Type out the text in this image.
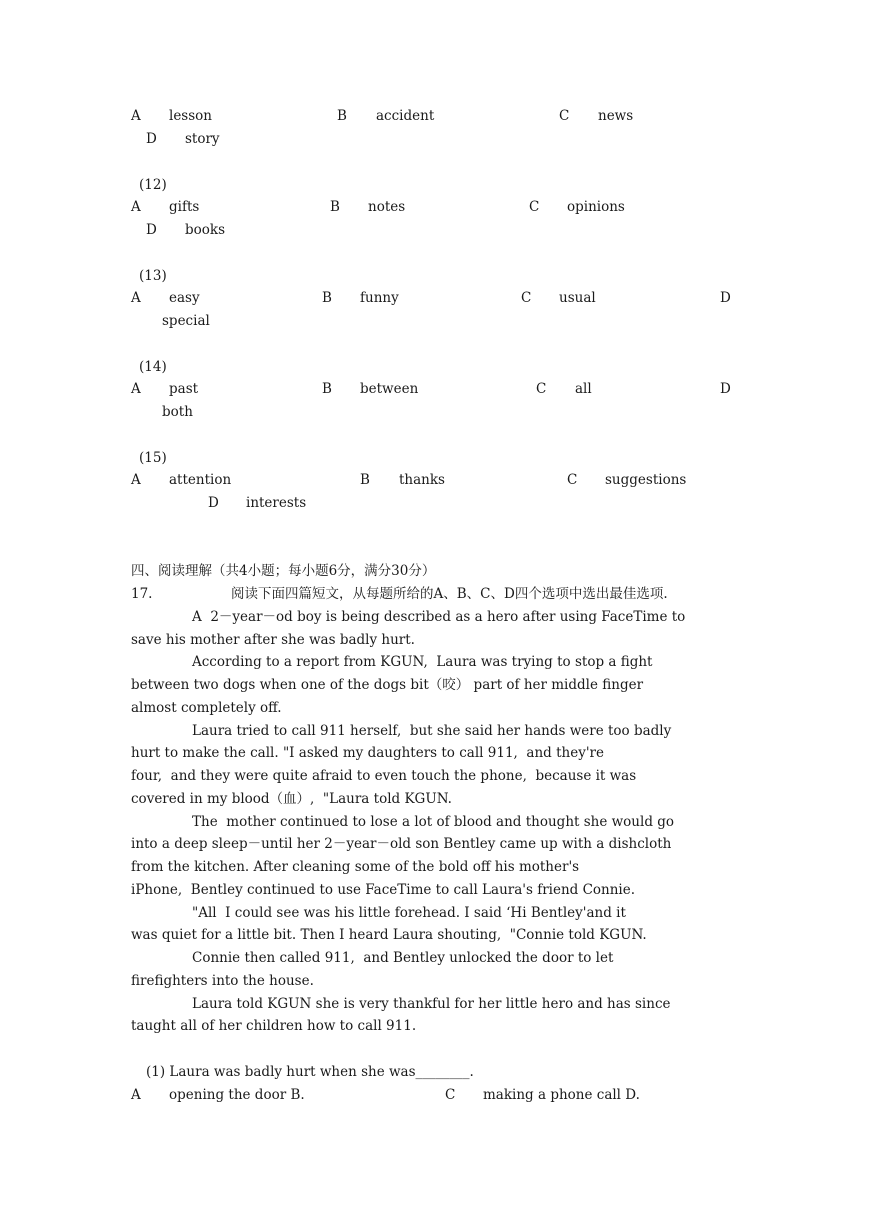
A lesson	B accident	C news
D story
(12)
A gifts	B notes	C opinions
D books
(13)
A easy	B funny	C usual	D
special
(14)
A past	B between	C all	D
both
(15)
A attention	B thanks	C suggestions
D interests
四、阅读理解（共4小题；每小题6分，满分30分）
17.	阅读下面四篇短文，从每题所给的A、B、C、D四个选项中选出最佳选项.
A  2－year－od boy is being described as a hero after using FaceTime to
save his mother after she was badly hurt.
According to a report from KGUN,  Laura was trying to stop a fight
between two dogs when one of the dogs bit（咬） part of her middle finger
almost completely off.
Laura tried to call 911 herself,  but she said her hands were too badly
hurt to make the call. "I asked my daughters to call 911,  and they're
four,  and they were quite afraid to even touch the phone,  because it was
covered in my blood（血）,  "Laura told KGUN.
The  mother continued to lose a lot of blood and thought she would go
into a deep sleep－until her 2－year－old son Bentley came up with a dishcloth
from the kitchen. After cleaning some of the bold off his mother's
iPhone,  Bentley continued to use FaceTime to call Laura's friend Connie.
"All  I could see was his little forehead. I said ‘Hi Bentley'and it
was quiet for a little bit. Then I heard Laura shouting,  "Connie told KGUN.
Connie then called 911,  and Bentley unlocked the door to let
firefighters into the house.
Laura told KGUN she is very thankful for her little hero and has since
taught all of her children how to call 911.
(1) Laura was badly hurt when she was________.
A opening the door B.	C making a phone call D.
